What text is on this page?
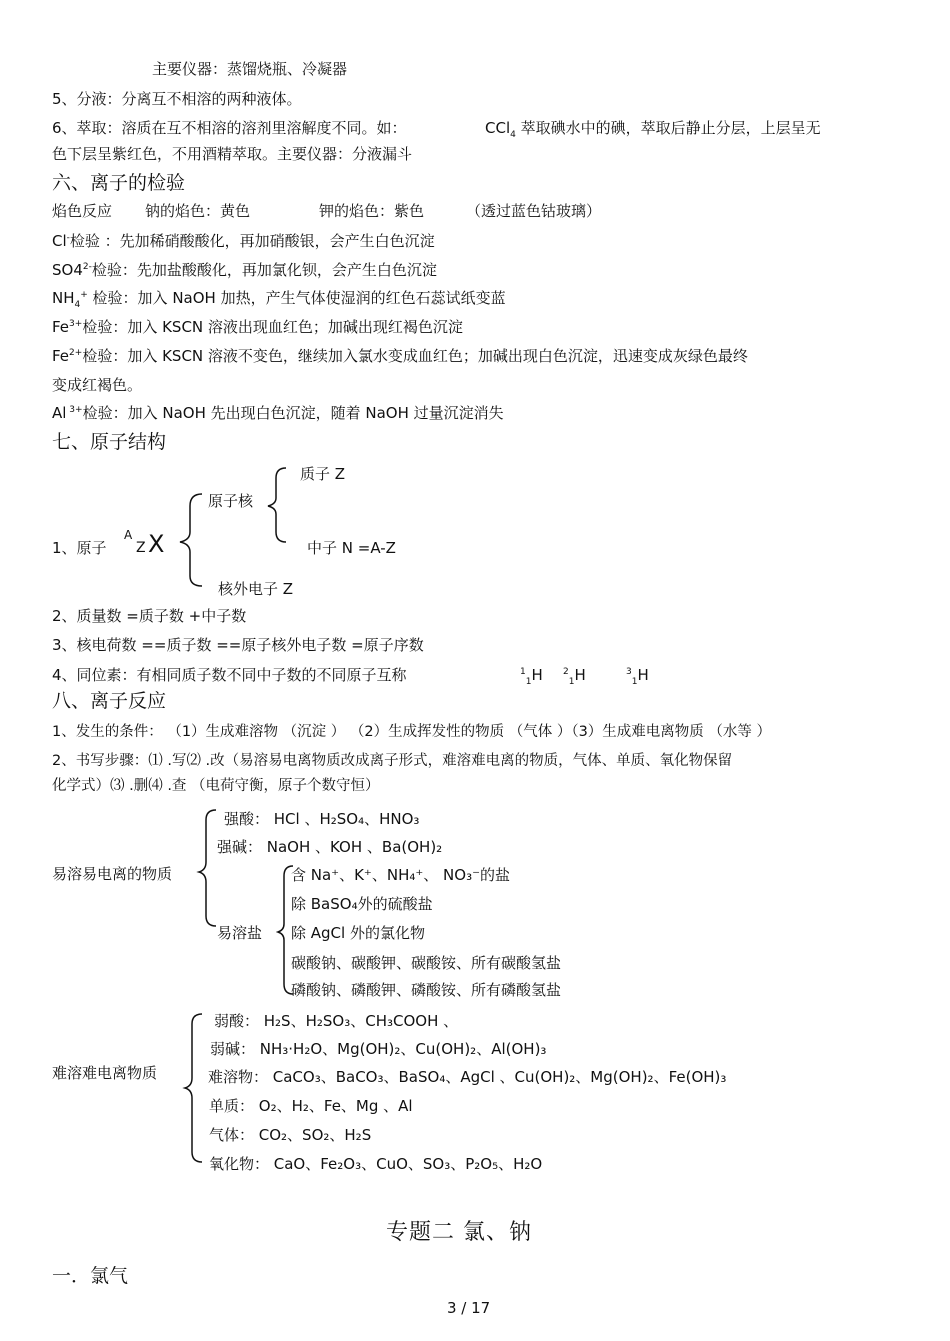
主要仪器：蒸馏烧瓶、冷凝器
5、分液：分离互不相溶的两种液体。
6、萃取：溶质在互不相溶的溶剂里溶解度不同。如：	CCl$_4$ 萃取碘水中的碘，萃取后静止分层，上层呈无
色下层呈紫红色，不用酒精萃取。主要仪器：分液漏斗
六、离子的检验
焰色反应 钠的焰色：黄色	钾的焰色：紫色	（透过蓝色钴玻璃）
Cl-检验 ：先加稀硝酸酸化，再加硝酸银，会产生白色沉淀
$SO4^{2-}$检验：先加盐酸酸化，再加氯化钡，会产生白色沉淀
$NH_4^+$ 检验：加入 NaOH 加热，产生气体使湿润的红色石蕊试纸变蓝
$Fe^{3+}$检验：加入 KSCN 溶液出现血红色；加碱出现红褐色沉淀
$Fe^{2+}$检验：加入 KSCN 溶液不变色，继续加入氯水变成血红色；加碱出现白色沉淀，迅速变成灰绿色最终
变成红褐色。
Al $^{3+}$检验：加入 NaOH 先出现白色沉淀，随着 NaOH 过量沉淀消失
七、原子结构
1、原子
A
Z X
原子核
质子 Z
中子 N =A-Z
核外电子 Z
2、质量数 =质子数 +中子数
3、核电荷数 ==质子数 ==原子核外电子数 =原子序数
4、同位素：有相同质子数不同中子数的不同原子互称	$^1_1$H $^2_1$H	$^3_1$H
八、离子反应
1、发生的条件： （1）生成难溶物 （沉淀 ） （2）生成挥发性的物质 （气体 ）（3）生成难电离物质 （水等 ）
2、书写步骤：⑴ .写⑵ .改（易溶易电离物质改成离子形式，难溶难电离的物质，气体、单质、氧化物保留
化学式）⑶ .删⑷ .查 （电荷守衡，原子个数守恒）
易溶易电离的物质
强酸： HCl 、H₂SO₄、HNO₃
强碱： NaOH 、KOH 、Ba(OH)₂
易溶盐
含 Na⁺、K⁺、NH₄⁺、 NO₃⁻的盐
除 BaSO₄外的硫酸盐
除 AgCl 外的氯化物
碳酸钠、碳酸钾、碳酸铵、所有碳酸氢盐
磷酸钠、磷酸钾、磷酸铵、所有磷酸氢盐
难溶难电离物质
弱酸： H₂S、H₂SO₃、CH₃COOH 、
弱碱： NH₃·H₂O、Mg(OH)₂、Cu(OH)₂、Al(OH)₃
难溶物： CaCO₃、BaCO₃、BaSO₄、AgCl 、Cu(OH)₂、Mg(OH)₂、Fe(OH)₃
单质： O₂、H₂、Fe、Mg 、Al
气体： CO₂、SO₂、H₂S
氧化物： CaO、Fe₂O₃、CuO、SO₃、P₂O₅、H₂O
专题二 氯、钠
一．氯气
3 / 17
